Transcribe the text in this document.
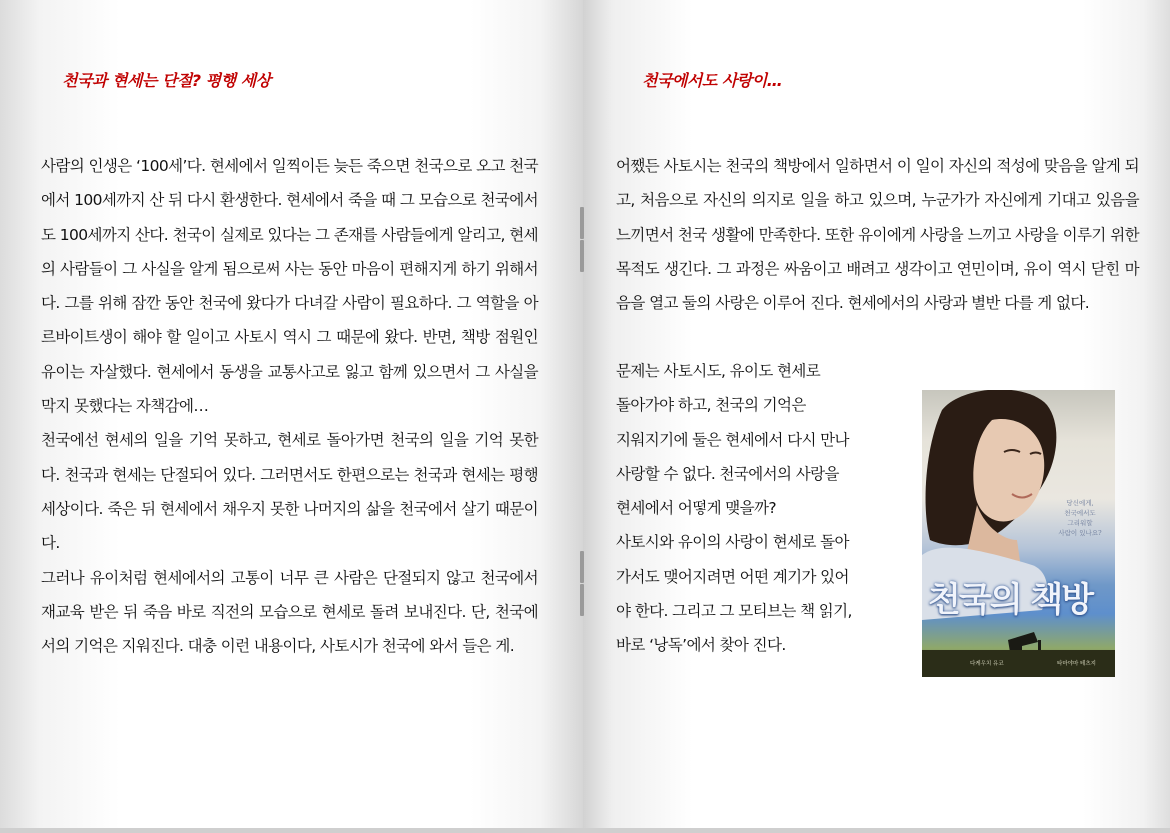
천국과 현세는 단절? 평행 세상

사람의 인생은 ‘100세’다. 현세에서 일찍이든 늦든 죽으면 천국으로 오고 천국에서 100세까지 산 뒤 다시 환생한다. 현세에서 죽을 때 그 모습으로 천국에서도 100세까지 산다. 천국이 실제로 있다는 그 존재를 사람들에게 알리고, 현세의 사람들이 그 사실을 알게 됨으로써 사는 동안 마음이 편해지게 하기 위해서다. 그를 위해 잠깐 동안 천국에 왔다가 다녀갈 사람이 필요하다. 그 역할을 아르바이트생이 해야 할 일이고 사토시 역시 그 때문에 왔다. 반면, 책방 점원인 유이는 자살했다. 현세에서 동생을 교통사고로 잃고 함께 있으면서 그 사실을 막지 못했다는 자책감에…

천국에선 현세의 일을 기억 못하고, 현세로 돌아가면 천국의 일을 기억 못한다. 천국과 현세는 단절되어 있다. 그러면서도 한편으로는 천국과 현세는 평행 세상이다. 죽은 뒤 현세에서 채우지 못한 나머지의 삶을 천국에서 살기 때문이다.

그러나 유이처럼 현세에서의 고통이 너무 큰 사람은 단절되지 않고 천국에서 재교육 받은 뒤 죽음 바로 직전의 모습으로 현세로 돌려 보내진다. 단, 천국에서의 기억은 지워진다. 대충 이런 내용이다, 사토시가 천국에 와서 들은 게.

천국에서도 사랑이…

어쨌든 사토시는 천국의 책방에서 일하면서 이 일이 자신의 적성에 맞음을 알게 되고, 처음으로 자신의 의지로 일을 하고 있으며, 누군가가 자신에게 기대고 있음을 느끼면서 천국 생활에 만족한다. 또한 유이에게 사랑을 느끼고 사랑을 이루기 위한 목적도 생긴다. 그 과정은 싸움이고 배려고 생각이고 연민이며, 유이 역시 닫힌 마음을 열고 둘의 사랑은 이루어 진다. 현세에서의 사랑과 별반 다를 게 없다.

문제는 사토시도, 유이도 현세로
돌아가야 하고, 천국의 기억은
지워지기에 둘은 현세에서 다시 만나
사랑할 수 없다. 천국에서의 사랑을
현세에서 어떻게 맺을까?
사토시와 유이의 사랑이 현세로 돌아
가서도 맺어지려면 어떤 계기가 있어
야 한다. 그리고 그 모티브는 책 읽기,
바로 ‘낭독’에서 찾아 진다.
당신에게,
천국에서도
그리워할
사람이 있나요?
천국의 책방
다케우치 유코	타마야마 테츠지
